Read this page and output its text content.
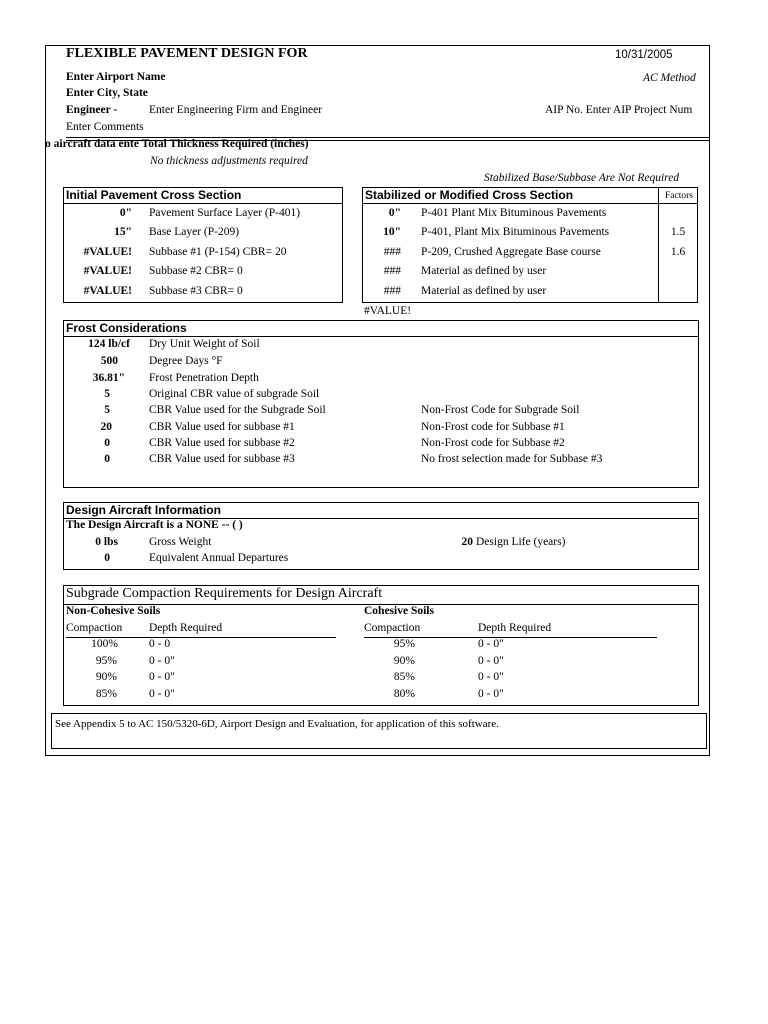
FLEXIBLE PAVEMENT DESIGN FOR	10/31/2005
Enter Airport Name	AC Method
Enter City, State
Engineer -	Enter Engineering Firm and Engineer	AIP No. Enter AIP Project Num
Enter Comments
o aircraft data ente Total Thickness Required (inches)
No thickness adjustments required
Stabilized Base/Subbase Are Not Required
Initial Pavement Cross Section
0" Pavement Surface Layer (P-401)
15" Base Layer (P-209)
#VALUE! Subbase #1 (P-154) CBR= 20
#VALUE! Subbase #2 CBR= 0
#VALUE! Subbase #3 CBR= 0
Stabilized or Modified Cross Section	Factors
0" P-401 Plant Mix Bituminous Pavements
10" P-401, Plant Mix Bituminous Pavements	1.5
### P-209, Crushed Aggregate Base course	1.6
### Material as defined by user
### Material as defined by user
#VALUE!
Frost Considerations
124 lb/cf Dry Unit Weight of Soil
500	Degree Days °F
36.81" Frost Penetration Depth
5	Original CBR value of subgrade Soil
5	CBR Value used for the Subgrade Soil	Non-Frost Code for Subgrade Soil
20	CBR Value used for subbase #1	Non-Frost code for Subbase #1
0	CBR Value used for subbase #2	Non-Frost code for Subbase #2
0	CBR Value used for subbase #3	No frost selection made for Subbase #3
Design Aircraft Information
The Design Aircraft is a NONE -- ( )
0 lbs	Gross Weight	20 Design Life (years)
0	Equivalent Annual Departures
Subgrade Compaction Requirements for Design Aircraft
Non-Cohesive Soils
Compaction Depth Required
100%	0 - 0
95%	0 - 0"
90%	0 - 0"
85%	0 - 0"
Cohesive Soils
Compaction	Depth Required
95%	0 - 0"
90%	0 - 0"
85%	0 - 0"
80%	0 - 0"
See Appendix 5 to AC 150/5320-6D, Airport Design and Evaluation, for application of this software.
